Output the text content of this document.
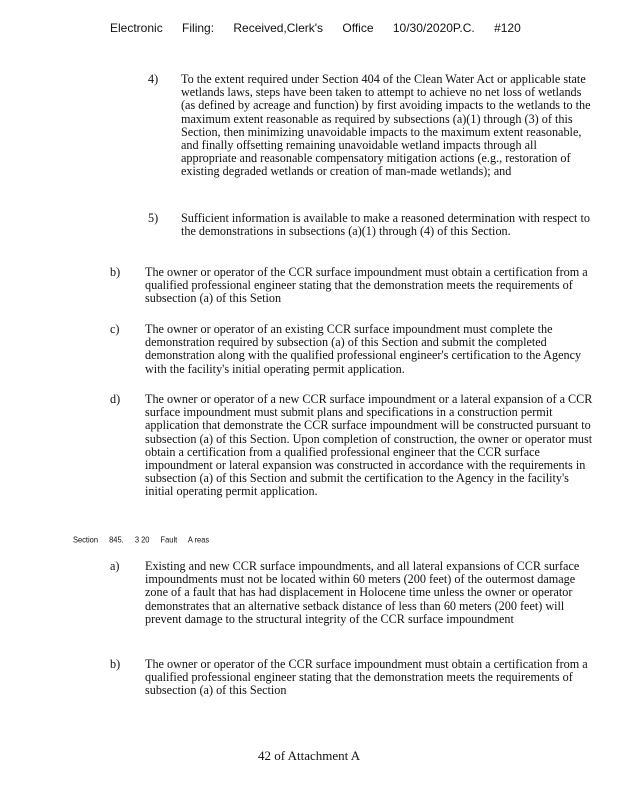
Electronic Filing: Received,Clerk's Office 10/30/2020P.C. #120
4) To the extent required under Section 404 of the Clean Water Act or applicable state wetlands laws, steps have been taken to attempt to achieve no net loss of wetlands (as defined by acreage and function) by first avoiding impacts to the wetlands to the maximum extent reasonable as required by subsections (a)(1) through (3) of this Section, then minimizing unavoidable impacts to the maximum extent reasonable, and finally offsetting remaining unavoidable wetland impacts through all appropriate and reasonable compensatory mitigation actions (e.g., restoration of existing degraded wetlands or creation of man-made wetlands); and
5) Sufficient information is available to make a reasoned determination with respect to the demonstrations in subsections (a)(1) through (4) of this Section.
b) The owner or operator of the CCR surface impoundment must obtain a certification from a qualified professional engineer stating that the demonstration meets the requirements of subsection (a) of this Setion
c) The owner or operator of an existing CCR surface impoundment must complete the demonstration required by subsection (a) of this Section and submit the completed demonstration along with the qualified professional engineer's certification to the Agency with the facility's initial operating permit application.
d) The owner or operator of a new CCR surface impoundment or a lateral expansion of a CCR surface impoundment must submit plans and specifications in a construction permit application that demonstrate the CCR surface impoundment will be constructed pursuant to subsection (a) of this Section. Upon completion of construction, the owner or operator must obtain a certification from a qualified professional engineer that the CCR surface impoundment or lateral expansion was constructed in accordance with the requirements in subsection (a) of this Section and submit the certification to the Agency in the facility's initial operating permit application.
Section 845. 3 20 Fault A reas
a) Existing and new CCR surface impoundments, and all lateral expansions of CCR surface impoundments must not be located within 60 meters (200 feet) of the outermost damage zone of a fault that has had displacement in Holocene time unless the owner or operator demonstrates that an alternative setback distance of less than 60 meters (200 feet) will prevent damage to the structural integrity of the CCR surface impoundment
b) The owner or operator of the CCR surface impoundment must obtain a certification from a qualified professional engineer stating that the demonstration meets the requirements of subsection (a) of this Section
42 of Attachment A
